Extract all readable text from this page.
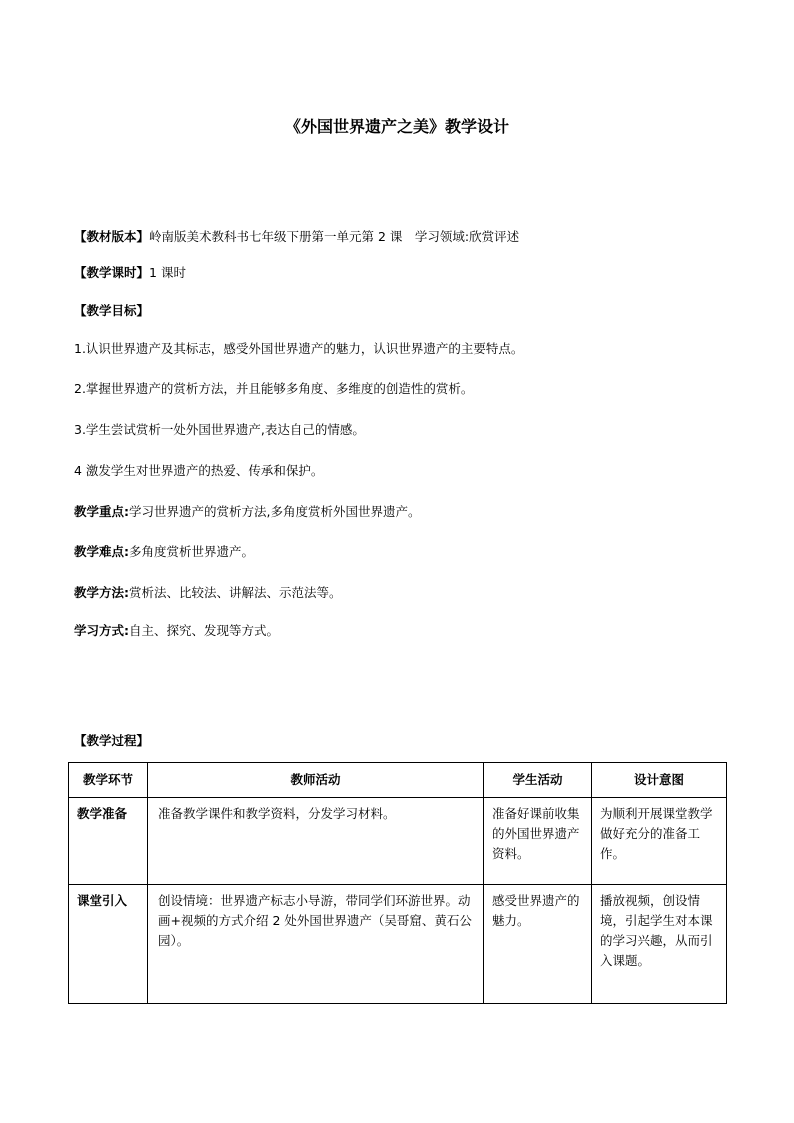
《外国世界遗产之美》教学设计
【教材版本】岭南版美术教科书七年级下册第一单元第 2 课　学习领域:欣赏评述
【教学课时】1 课时
【教学目标】
1.认识世界遗产及其标志，感受外国世界遗产的魅力，认识世界遗产的主要特点。
2.掌握世界遗产的赏析方法，并且能够多角度、多维度的创造性的赏析。
3.学生尝试赏析一处外国世界遗产,表达自己的情感。
4 激发学生对世界遗产的热爱、传承和保护。
教学重点:学习世界遗产的赏析方法,多角度赏析外国世界遗产。
教学难点:多角度赏析世界遗产。
教学方法:赏析法、比较法、讲解法、示范法等。
学习方式:自主、探究、发现等方式。
【教学过程】
教学环节	教师活动	学生活动	设计意图
教学准备	准备教学课件和教学资料，分发学习材料。	准备好课前收集的外国世界遗产资料。	为顺利开展课堂教学做好充分的准备工作。
课堂引入	创设情境：世界遗产标志小导游，带同学们环游世界。动画+视频的方式介绍 2 处外国世界遗产（吴哥窟、黄石公园）。	感受世界遗产的魅力。	播放视频，创设情境，引起学生对本课的学习兴趣，从而引入课题。
